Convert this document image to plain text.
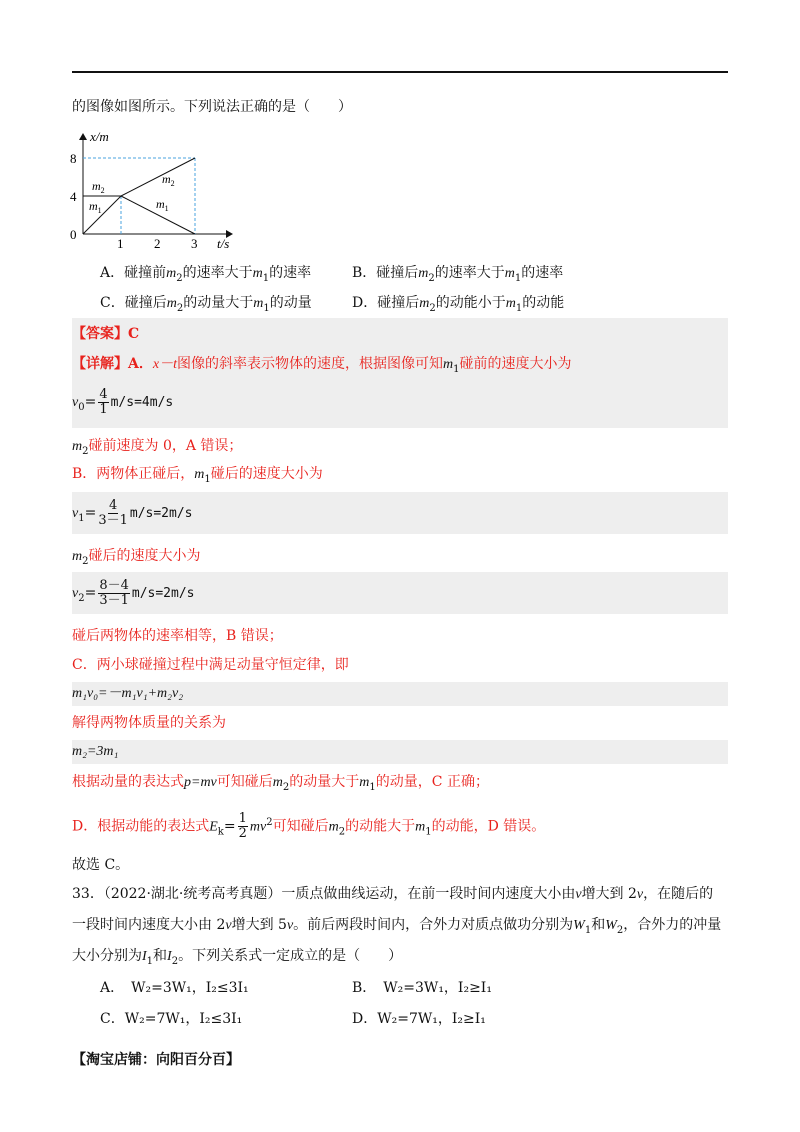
的图像如图所示。下列说法正确的是（　　）
x/m
t/s
8
4
0
1 2 3
$m_2$
$m_1$
$m_2$
$m_1$
A．碰撞前$m_2$的速率大于$m_1$的速率	B．碰撞后$m_2$的速率大于$m_1$的速率
C．碰撞后$m_2$的动量大于$m_1$的动量	D．碰撞后$m_2$的动能小于$m_1$的动能
【答案】C
【详解】A．x－t图像的斜率表示物体的速度，根据图像可知$m_1$碰前的速度大小为
$v_0= \frac{4}{1} m/s=4m/s$
$m_2$碰前速度为 0，A 错误；
B．两物体正碰后，$m_1$碰后的速度大小为
$v_1= \frac{4}{3-1} m/s=2m/s$
$m_2$碰后的速度大小为
$v_2= \frac{8-4}{3-1} m/s=2m/s$
碰后两物体的速率相等，B 错误；
C．两小球碰撞过程中满足动量守恒定律，即
m₁v₀=－m₁v₁+m₂v₂
解得两物体质量的关系为
m₂=3m₁
根据动量的表达式p=mv可知碰后$m_2$的动量大于$m_1$的动量，C 正确；
D．根据动能的表达式$E_k= \frac{1}{2} mv^2$可知碰后$m_2$的动能大于$m_1$的动能，D 错误。
故选 C。
33．（2022·湖北·统考高考真题）一质点做曲线运动，在前一段时间内速度大小由v增大到 2v，在随后的
一段时间内速度大小由 2v增大到 5v。前后两段时间内，合外力对质点做功分别为$W_1$和$W_2$，合外力的冲量
大小分别为$I_1$和$I_2$。下列关系式一定成立的是（　　）
A．　W₂=3W₁，I₂≤3I₁	B．　W₂=3W₁，I₂≥I₁
C．W₂=7W₁，I₂≤3I₁	D．W₂=7W₁，I₂≥I₁
【淘宝店铺：向阳百分百】
